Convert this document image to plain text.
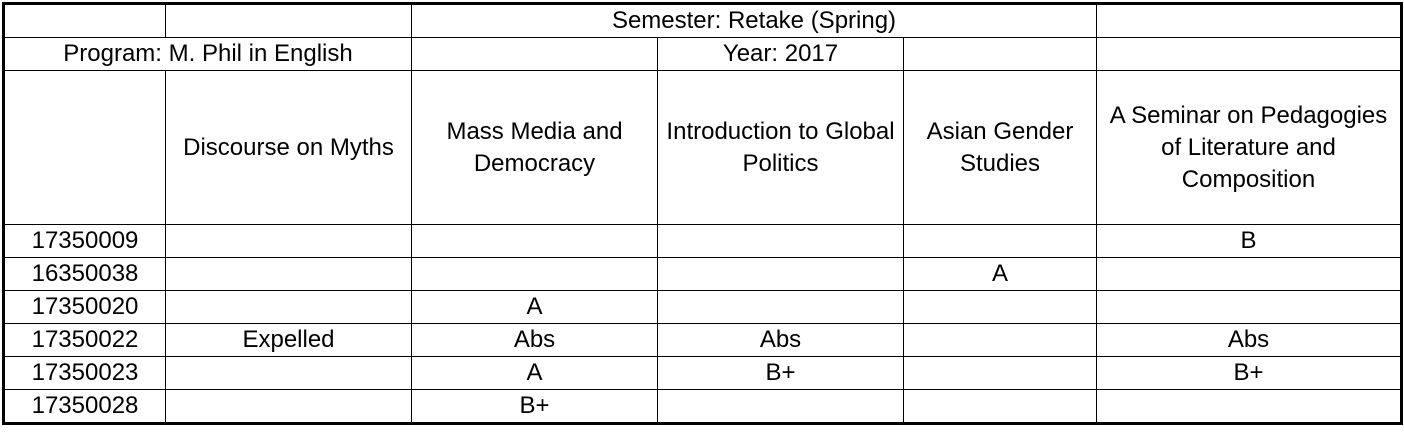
		Semester: Retake (Spring)			
Program: M. Phil in English			Year: 2017		
	Discourse on Myths	Mass Media and Democracy	Introduction to Global Politics	Asian Gender Studies	A Seminar on Pedagogies of Literature and Composition
17350009					B
16350038				A	
17350020		A			
17350022	Expelled	Abs	Abs		Abs
17350023		A	B+		B+
17350028		B+			
